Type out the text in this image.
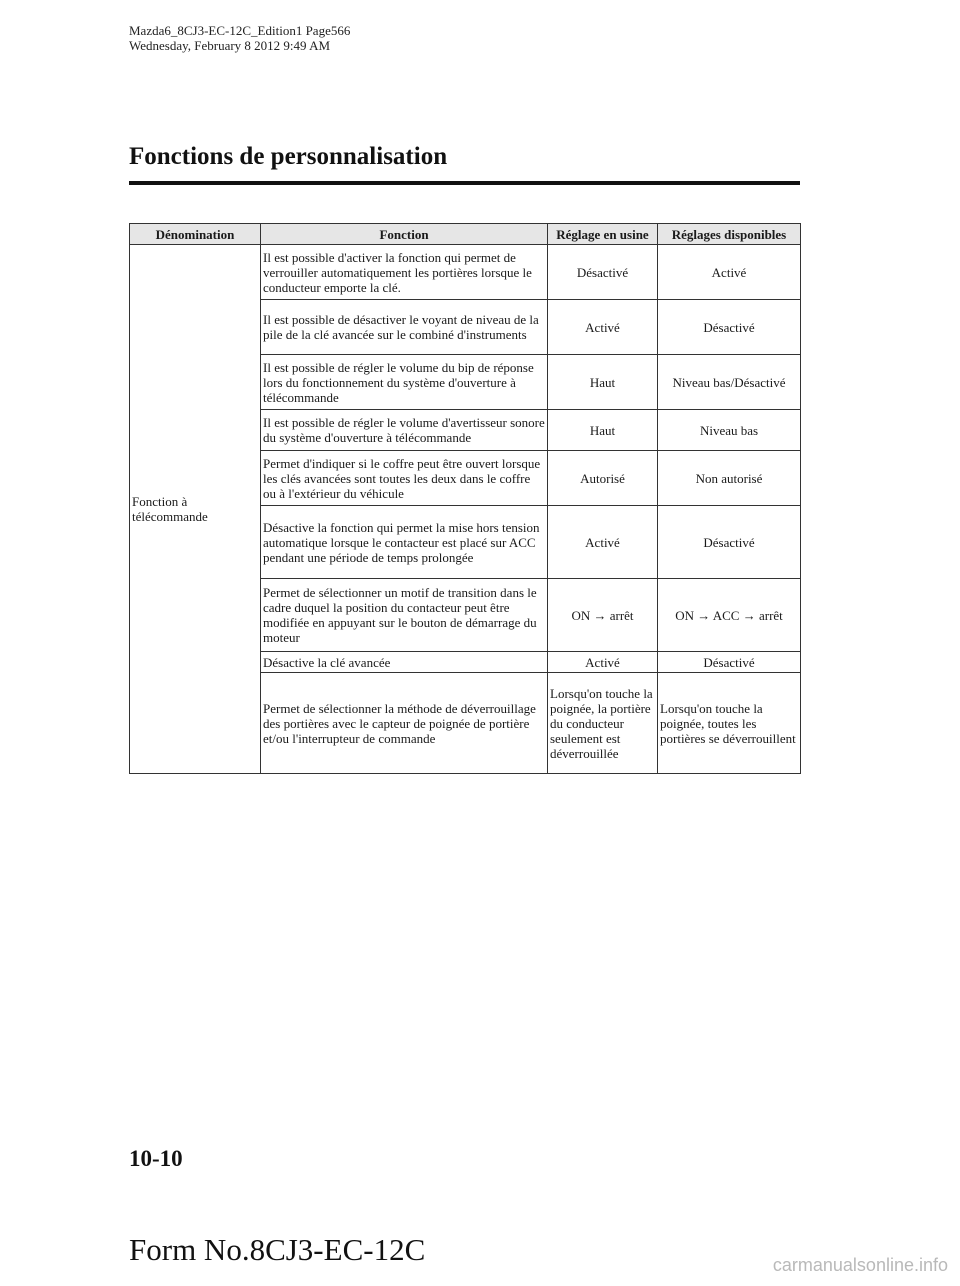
Mazda6_8CJ3-EC-12C_Edition1 Page566
Wednesday, February 8 2012 9:49 AM
Fonctions de personnalisation
Dénomination	Fonction	Réglage en usine	Réglages disponibles
Fonction à télécommande	Il est possible d'activer la fonction qui permet de verrouiller automatiquement les portières lorsque le conducteur emporte la clé.	Désactivé	Activé
	Il est possible de désactiver le voyant de niveau de la pile de la clé avancée sur le combiné d'instruments	Activé	Désactivé
	Il est possible de régler le volume du bip de réponse lors du fonctionnement du système d'ouverture à télécommande	Haut	Niveau bas/Désactivé
	Il est possible de régler le volume d'avertisseur sonore du système d'ouverture à télécommande	Haut	Niveau bas
	Permet d'indiquer si le coffre peut être ouvert lorsque les clés avancées sont toutes les deux dans le coffre ou à l'extérieur du véhicule	Autorisé	Non autorisé
	Désactive la fonction qui permet la mise hors tension automatique lorsque le contacteur est placé sur ACC pendant une période de temps prolongée	Activé	Désactivé
	Permet de sélectionner un motif de transition dans le cadre duquel la position du contacteur peut être modifiée en appuyant sur le bouton de démarrage du moteur	ON → arrêt	ON → ACC → arrêt
	Désactive la clé avancée	Activé	Désactivé
	Permet de sélectionner la méthode de déverrouillage des portières avec le capteur de poignée de portière et/ou l'interrupteur de commande	Lorsqu'on touche la poignée, la portière du conducteur seulement est déverrouillée	Lorsqu'on touche la poignée, toutes les portières se déverrouillent
10-10
Form No.8CJ3-EC-12C	carmanualsonline.info
